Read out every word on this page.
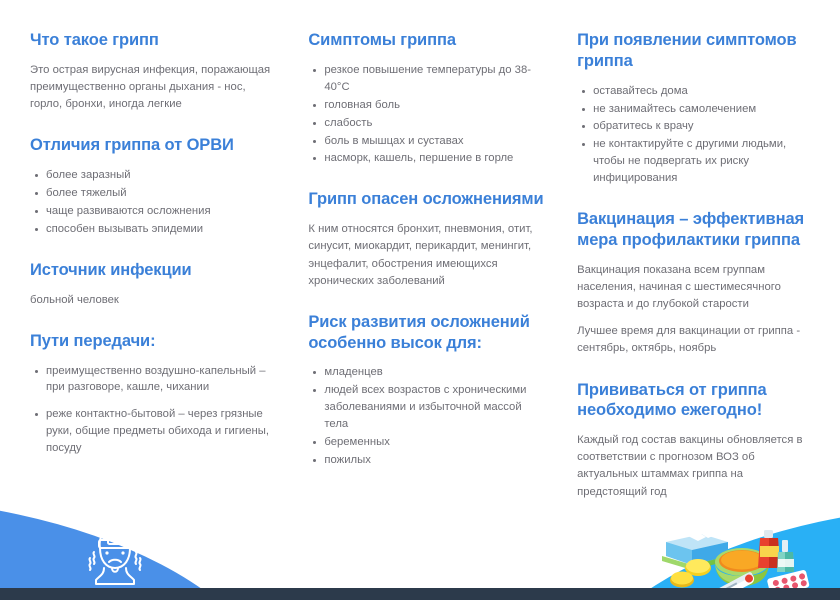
Что такое грипп

Это острая вирусная инфекция, поражающая преимущественно органы дыхания - нос, горло, бронхи, иногда легкие

Отличия гриппа от ОРВИ
более заразный
более тяжелый
чаще развиваются осложнения
способен вызывать эпидемии
Источник инфекции

больной человек

Пути передачи:
преимущественно воздушно-капельный – при разговоре, кашле, чихании
реже контактно-бытовой – через грязные руки, общие предметы обихода и гигиены, посуду
Симптомы гриппа
резкое повышение температуры до 38-40°С
головная боль
слабость
боль в мышцах и суставах
насморк, кашель, першение в горле
Грипп опасен осложнениями

К ним относятся бронхит, пневмония, отит, синусит, миокардит, перикардит, менингит, энцефалит, обострения имеющихся хронических заболеваний

Риск развития осложнений особенно высок для:
младенцев
людей всех возрастов с хроническими заболеваниями и избыточной массой тела
беременных
пожилых
При появлении симптомов гриппа
оставайтесь дома
не занимайтесь самолечением
обратитесь к врачу
не контактируйте с другими людьми, чтобы не подвергать их риску инфицирования
Вакцинация – эффективная мера профилактики гриппа

Вакцинация показана всем группам населения, начиная с шестимесячного возраста и до глубокой старости

Лучшее время для вакцинации от гриппа - сентябрь, октябрь, ноябрь

Прививаться от гриппа необходимо ежегодно!

Каждый год состав вакцины обновляется в соответствии с прогнозом ВОЗ об актуальных штаммах гриппа на предстоящий год
